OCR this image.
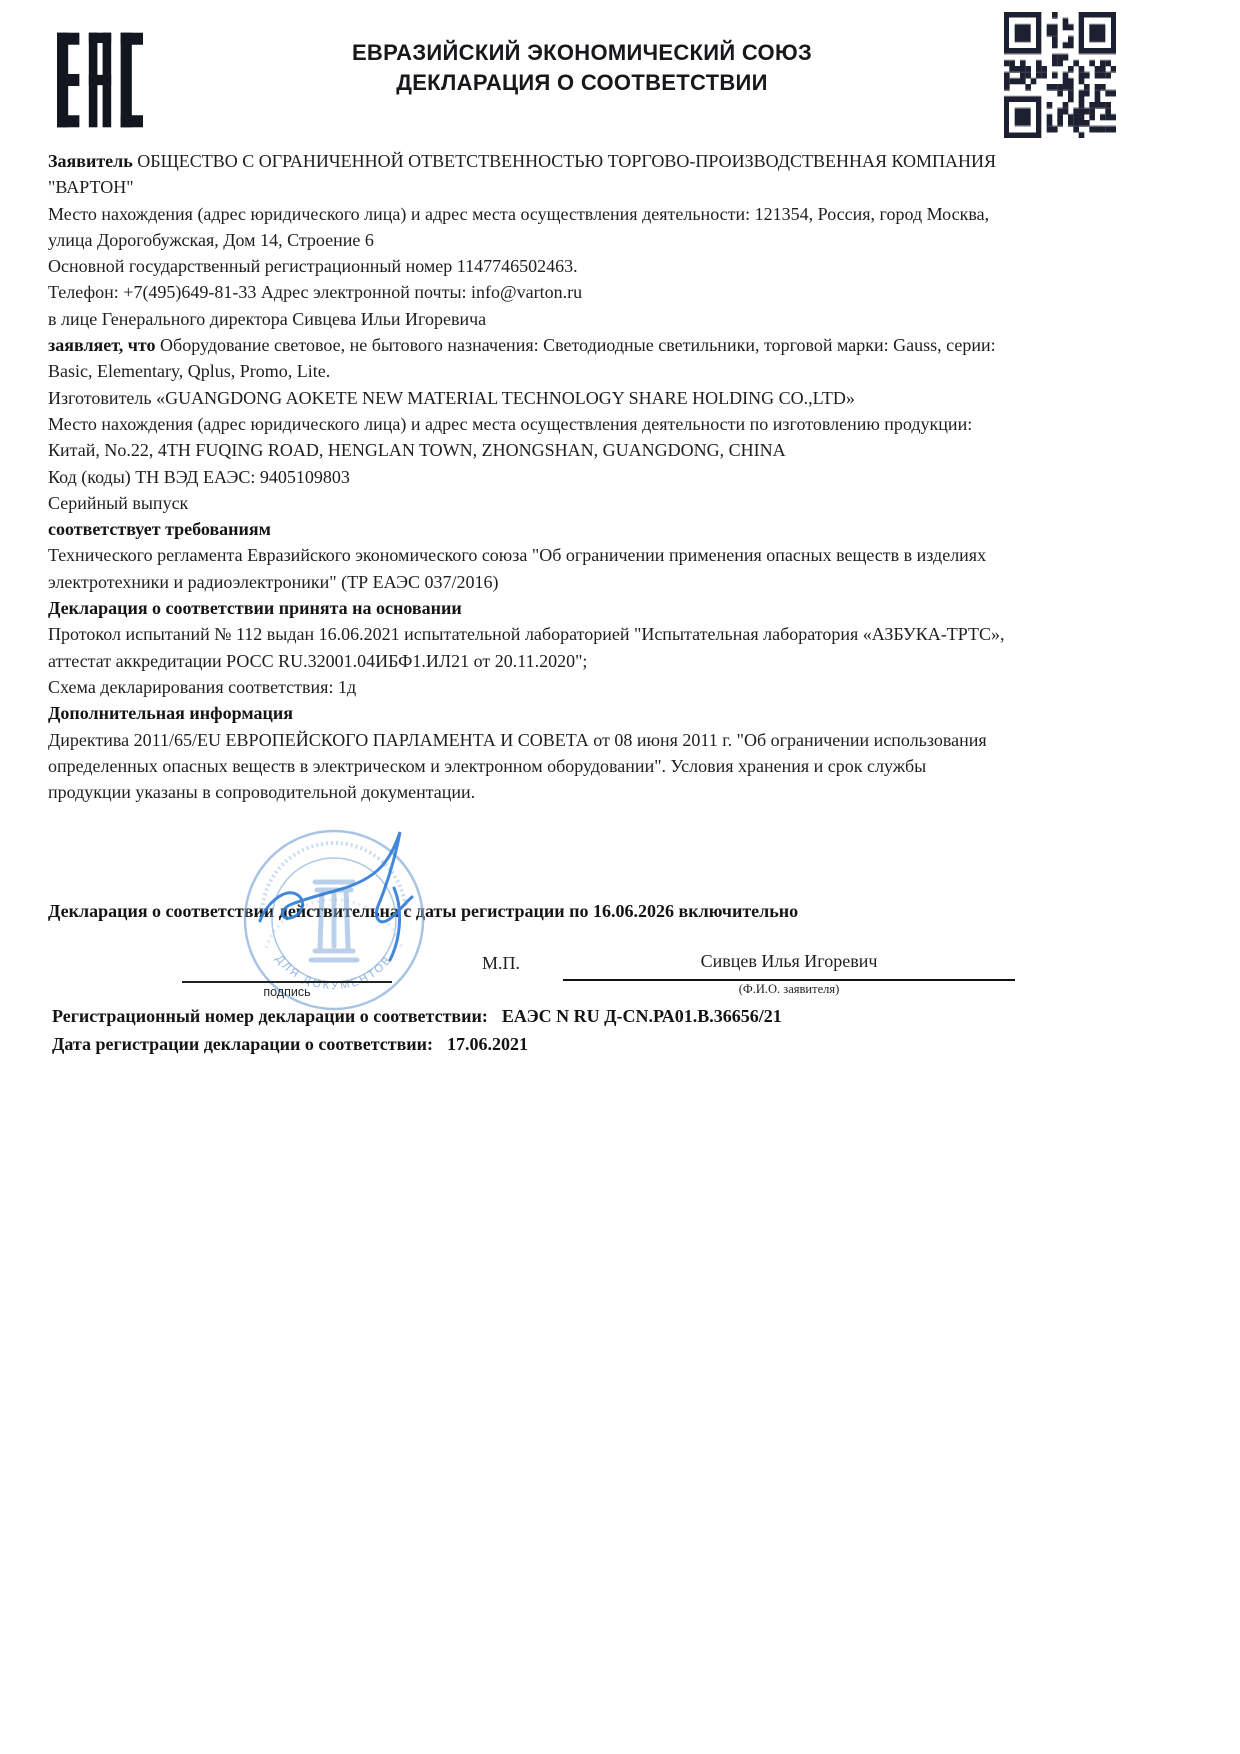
ЕВРАЗИЙСКИЙ ЭКОНОМИЧЕСКИЙ СОЮЗ
ДЕКЛАРАЦИЯ О СООТВЕТСТВИИ

Заявитель ОБЩЕСТВО С ОГРАНИЧЕННОЙ ОТВЕТСТВЕННОСТЬЮ ТОРГОВО-ПРОИЗВОДСТВЕННАЯ КОМПАНИЯ "ВАРТОН"

Место нахождения (адрес юридического лица) и адрес места осуществления деятельности: 121354, Россия, город Москва, улица Дорогобужская, Дом 14, Строение 6

Основной государственный регистрационный номер 1147746502463.

Телефон: +7(495)649-81-33 Адрес электронной почты: info@varton.ru

в лице Генерального директора Сивцева Ильи Игоревича

заявляет, что Оборудование световое, не бытового назначения: Светодиодные светильники, торговой марки: Gauss, серии: Basic, Elementary, Qplus, Promo, Lite.

Изготовитель «GUANGDONG AOKETE NEW MATERIAL TECHNOLOGY SHARE HOLDING CO.,LTD»

Место нахождения (адрес юридического лица) и адрес места осуществления деятельности по изготовлению продукции: Китай, No.22, 4TH FUQING ROAD, HENGLAN TOWN, ZHONGSHAN, GUANGDONG, CHINA

Код (коды) ТН ВЭД ЕАЭС: 9405109803

Серийный выпуск

соответствует требованиям

Технического регламента Евразийского экономического союза "Об ограничении применения опасных веществ в изделиях электротехники и радиоэлектроники" (ТР ЕАЭС 037/2016)

Декларация о соответствии принята на основании

Протокол испытаний № 112 выдан 16.06.2021 испытательной лабораторией "Испытательная лаборатория «АЗБУКА-ТРТС», аттестат аккредитации РОСС RU.32001.04ИБФ1.ИЛ21 от 20.11.2020";

Схема декларирования соответствия: 1д

Дополнительная информация

Директива 2011/65/EU ЕВРОПЕЙСКОГО ПАРЛАМЕНТА И СОВЕТА от 08 июня 2011 г. "Об ограничении использования определенных опасных веществ в электрическом и электронном оборудовании". Условия хранения и срок службы продукции указаны в сопроводительной документации.

Декларация о соответствии действительна с даты регистрации по 16.06.2026 включительно
ДЛЯ ДОКУМЕНТОВ	М.П.
подпись
Сивцев Илья Игоревич
(Ф.И.О. заявителя)
Регистрационный номер декларации о соответствии: ЕАЭС N RU Д-CN.РА01.В.36656/21
Дата регистрации декларации о соответствии: 17.06.2021
